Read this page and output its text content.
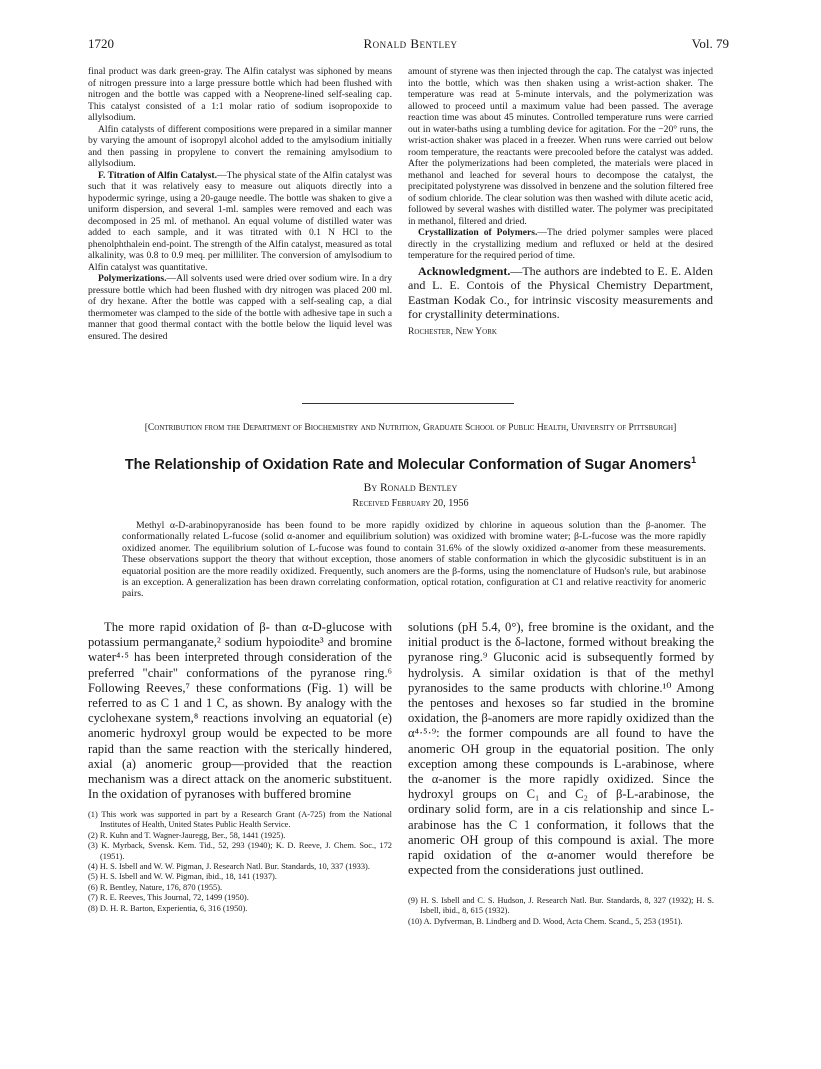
1720	Ronald Bentley	Vol. 79

final product was dark green-gray. The Alfin catalyst was siphoned by means of nitrogen pressure into a large pressure bottle which had been flushed with nitrogen and the bottle was capped with a Neoprene-lined self-sealing cap. This catalyst consisted of a 1:1 molar ratio of sodium isopropoxide to allylsodium.

Alfin catalysts of different compositions were prepared in a similar manner by varying the amount of isopropyl alcohol added to the amylsodium initially and then passing in propylene to convert the remaining amylsodium to allylsodium.

F. Titration of Alfin Catalyst.—The physical state of the Alfin catalyst was such that it was relatively easy to measure out aliquots directly into a hypodermic syringe, using a 20-gauge needle. The bottle was shaken to give a uniform dispersion, and several 1-ml. samples were removed and each was decomposed in 25 ml. of methanol. An equal volume of distilled water was added to each sample, and it was titrated with 0.1 N HCl to the phenolphthalein end-point. The strength of the Alfin catalyst, measured as total alkalinity, was 0.8 to 0.9 meq. per milliliter. The conversion of amylsodium to Alfin catalyst was quantitative.

Polymerizations.—All solvents used were dried over sodium wire. In a dry pressure bottle which had been flushed with dry nitrogen was placed 200 ml. of dry hexane. After the bottle was capped with a self-sealing cap, a dial thermometer was clamped to the side of the bottle with adhesive tape in such a manner that good thermal contact with the bottle below the liquid level was ensured. The desired

amount of styrene was then injected through the cap. The catalyst was injected into the bottle, which was then shaken using a wrist-action shaker. The temperature was read at 5-minute intervals, and the polymerization was allowed to proceed until a maximum value had been passed. The average reaction time was about 45 minutes. Controlled temperature runs were carried out in water-baths using a tumbling device for agitation. For the −20° runs, the wrist-action shaker was placed in a freezer. When runs were carried out below room temperature, the reactants were precooled before the catalyst was added. After the polymerizations had been completed, the materials were placed in methanol and leached for several hours to decompose the catalyst, the precipitated polystyrene was dissolved in benzene and the solution filtered free of sodium chloride. The clear solution was then washed with dilute acetic acid, followed by several washes with distilled water. The polymer was precipitated in methanol, filtered and dried.

Crystallization of Polymers.—The dried polymer samples were placed directly in the crystallizing medium and refluxed or held at the desired temperature for the required period of time.

Acknowledgment.—The authors are indebted to E. E. Alden and L. E. Contois of the Physical Chemistry Department, Eastman Kodak Co., for intrinsic viscosity measurements and for crystallinity determinations.

Rochester, New York

[Contribution from the Department of Biochemistry and Nutrition, Graduate School of Public Health, University of Pittsburgh]
The Relationship of Oxidation Rate and Molecular Conformation of Sugar Anomers$^1$
By Ronald Bentley
Received February 20, 1956
Methyl α-D-arabinopyranoside has been found to be more rapidly oxidized by chlorine in aqueous solution than the β-anomer. The conformationally related L-fucose (solid α-anomer and equilibrium solution) was oxidized with bromine water; β-L-fucose was the more rapidly oxidized anomer. The equilibrium solution of L-fucose was found to contain 31.6% of the slowly oxidized α-anomer from these measurements. These observations support the theory that without exception, those anomers of stable conformation in which the glycosidic substituent is in an equatorial position are the more readily oxidized. Frequently, such anomers are the β-forms, using the nomenclature of Hudson's rule, but arabinose is an exception. A generalization has been drawn correlating conformation, optical rotation, configuration at C1 and relative reactivity for anomeric pairs.

The more rapid oxidation of β- than α-D-glucose with potassium permanganate,² sodium hypoiodite³ and bromine water⁴·⁵ has been interpreted through consideration of the preferred "chair" conformations of the pyranose ring.⁶ Following Reeves,⁷ these conformations (Fig. 1) will be referred to as C 1 and 1 C, as shown. By analogy with the cyclohexane system,⁸ reactions involving an equatorial (e) anomeric hydroxyl group would be expected to be more rapid than the same reaction with the sterically hindered, axial (a) anomeric group—provided that the reaction mechanism was a direct attack on the anomeric substituent. In the oxidation of pyranoses with buffered bromine

solutions (pH 5.4, 0°), free bromine is the oxidant, and the initial product is the δ-lactone, formed without breaking the pyranose ring.⁹ Gluconic acid is subsequently formed by hydrolysis. A similar oxidation is that of the methyl pyranosides to the same products with chlorine.¹⁰ Among the pentoses and hexoses so far studied in the bromine oxidation, the β-anomers are more rapidly oxidized than the α⁴·⁵·⁹: the former compounds are all found to have the anomeric OH group in the equatorial position. The only exception among these compounds is L-arabinose, where the α-anomer is the more rapidly oxidized. Since the hydroxyl groups on C₁ and C₂ of β-L-arabinose, the ordinary solid form, are in a cis relationship and since L-arabinose has the C 1 conformation, it follows that the anomeric OH group of this compound is axial. The more rapid oxidation of the α-anomer would therefore be expected from the considerations just outlined.

(1) This work was supported in part by a Research Grant (A-725) from the National Institutes of Health, United States Public Health Service.

(2) R. Kuhn and T. Wagner-Jauregg, Ber., 58, 1441 (1925).

(3) K. Myrback, Svensk. Kem. Tid., 52, 293 (1940); K. D. Reeve, J. Chem. Soc., 172 (1951).

(4) H. S. Isbell and W. W. Pigman, J. Research Natl. Bur. Standards, 10, 337 (1933).

(5) H. S. Isbell and W. W. Pigman, ibid., 18, 141 (1937).

(6) R. Bentley, Nature, 176, 870 (1955).

(7) R. E. Reeves, This Journal, 72, 1499 (1950).

(8) D. H. R. Barton, Experientia, 6, 316 (1950).

(9) H. S. Isbell and C. S. Hudson, J. Research Natl. Bur. Standards, 8, 327 (1932); H. S. Isbell, ibid., 8, 615 (1932).

(10) A. Dyfverman, B. Lindberg and D. Wood, Acta Chem. Scand., 5, 253 (1951).
